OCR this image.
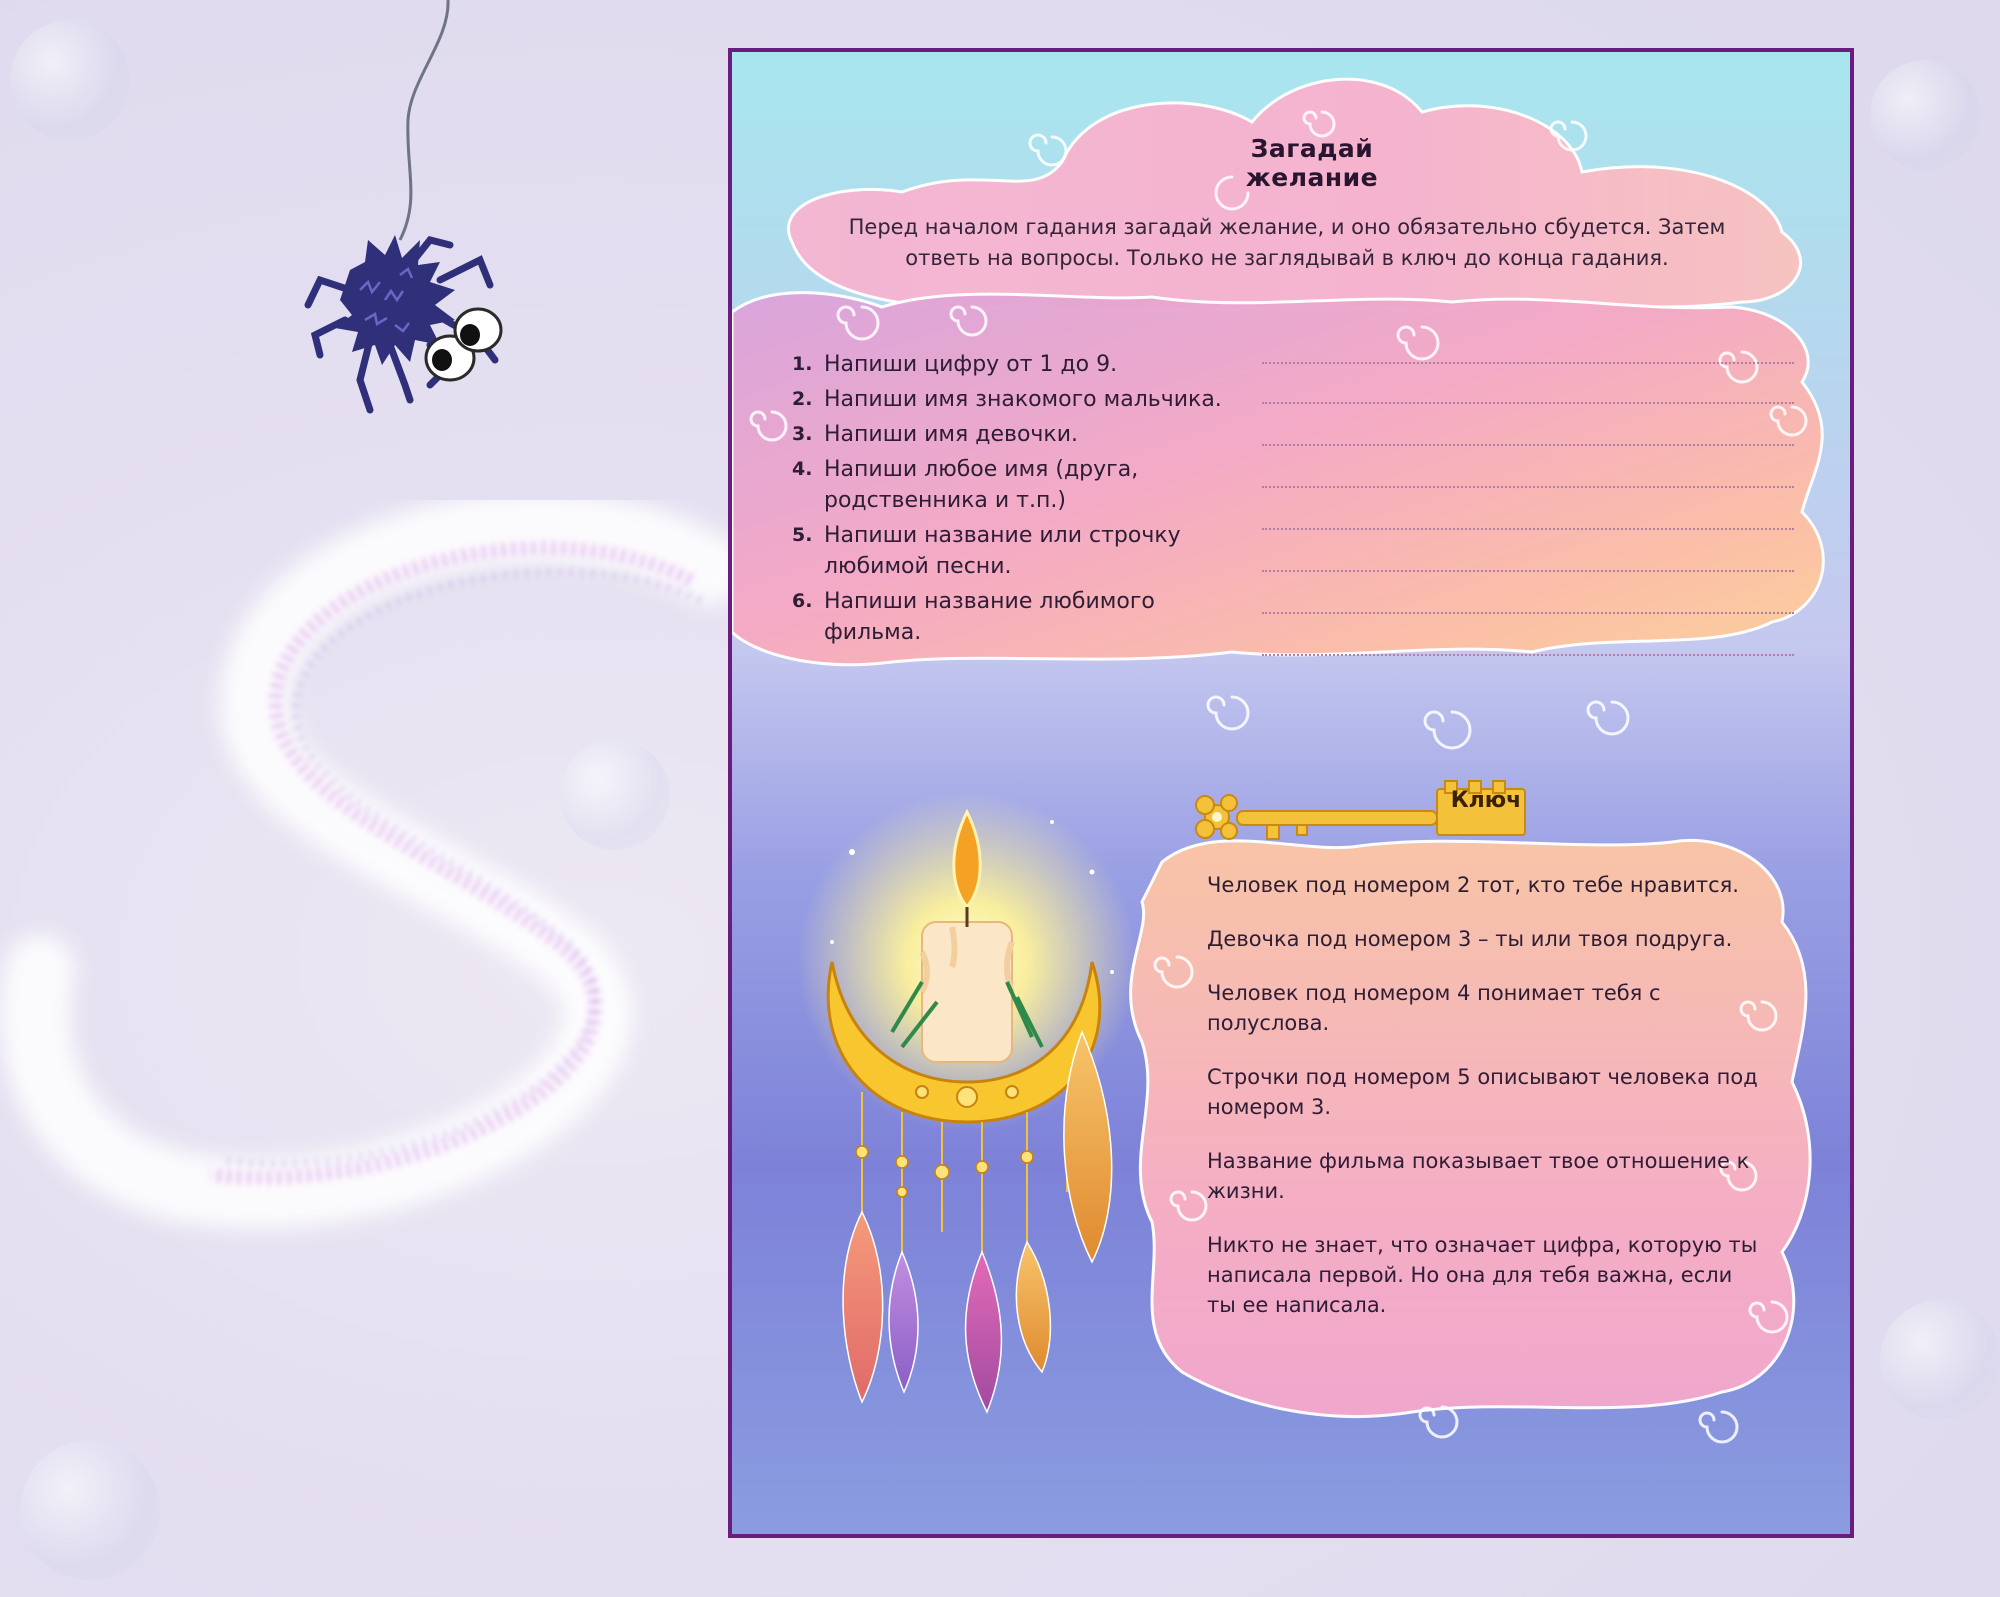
Загадай желание
Перед началом гадания загадай желание, и оно обязательно сбудется. Затем ответь на вопросы. Только не заглядывай в ключ до конца гадания.
1. Напиши цифру от 1 до 9.
2. Напиши имя знакомого мальчика.
3. Напиши имя девочки.
4. Напиши любое имя (друга, родственника и т.п.)
5. Напиши название или строчку любимой песни.
6. Напиши название любимого фильма.
Ключ

Человек под номером 2 тот, кто тебе нравится.

Девочка под номером 3 – ты или твоя подруга.

Человек под номером 4 понимает тебя с полуслова.

Строчки под номером 5 описывают человека под номером 3.

Название фильма показывает твое отношение к жизни.

Никто не знает, что означает цифра, которую ты написала первой. Но она для тебя важна, если ты ее написала.
